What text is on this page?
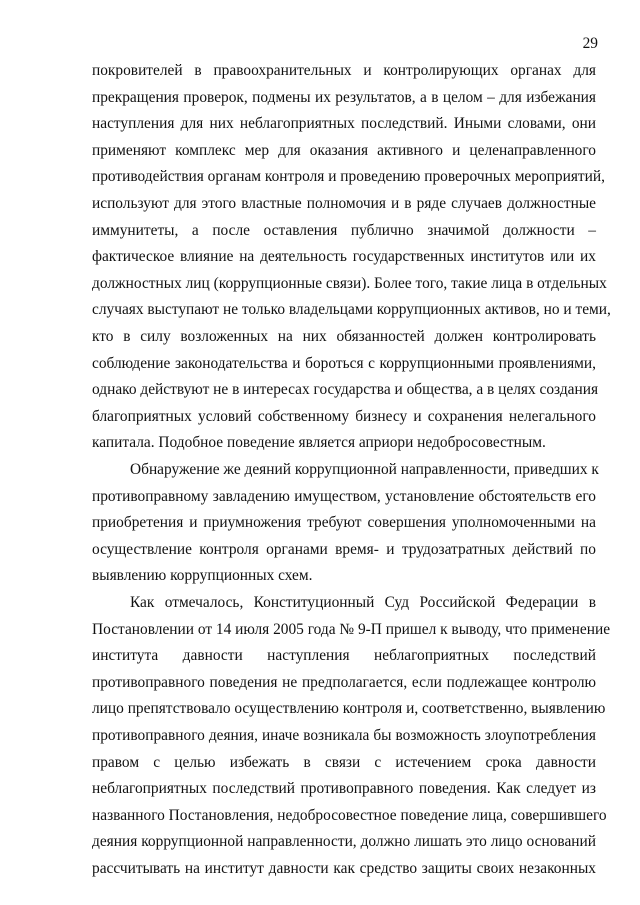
29
покровителей в правоохранительных и контролирующих органах для
прекращения проверок, подмены их результатов, а в целом – для избежания
наступления для них неблагоприятных последствий. Иными словами, они
применяют комплекс мер для оказания активного и целенаправленного
противодействия органам контроля и проведению проверочных мероприятий,
используют для этого властные полномочия и в ряде случаев должностные
иммунитеты, а после оставления публично значимой должности –
фактическое влияние на деятельность государственных институтов или их
должностных лиц (коррупционные связи). Более того, такие лица в отдельных
случаях выступают не только владельцами коррупционных активов, но и теми,
кто в силу возложенных на них обязанностей должен контролировать
соблюдение законодательства и бороться с коррупционными проявлениями,
однако действуют не в интересах государства и общества, а в целях создания
благоприятных условий собственному бизнесу и сохранения нелегального
капитала. Подобное поведение является априори недобросовестным.
Обнаружение же деяний коррупционной направленности, приведших к
противоправному завладению имуществом, установление обстоятельств его
приобретения и приумножения требуют совершения уполномоченными на
осуществление контроля органами время- и трудозатратных действий по
выявлению коррупционных схем.
Как отмечалось, Конституционный Суд Российской Федерации в
Постановлении от 14 июля 2005 года № 9-П пришел к выводу, что применение
института давности наступления неблагоприятных последствий
противоправного поведения не предполагается, если подлежащее контролю
лицо препятствовало осуществлению контроля и, соответственно, выявлению
противоправного деяния, иначе возникала бы возможность злоупотребления
правом с целью избежать в связи с истечением срока давности
неблагоприятных последствий противоправного поведения. Как следует из
названного Постановления, недобросовестное поведение лица, совершившего
деяния коррупционной направленности, должно лишать это лицо оснований
рассчитывать на институт давности как средство защиты своих незаконных
